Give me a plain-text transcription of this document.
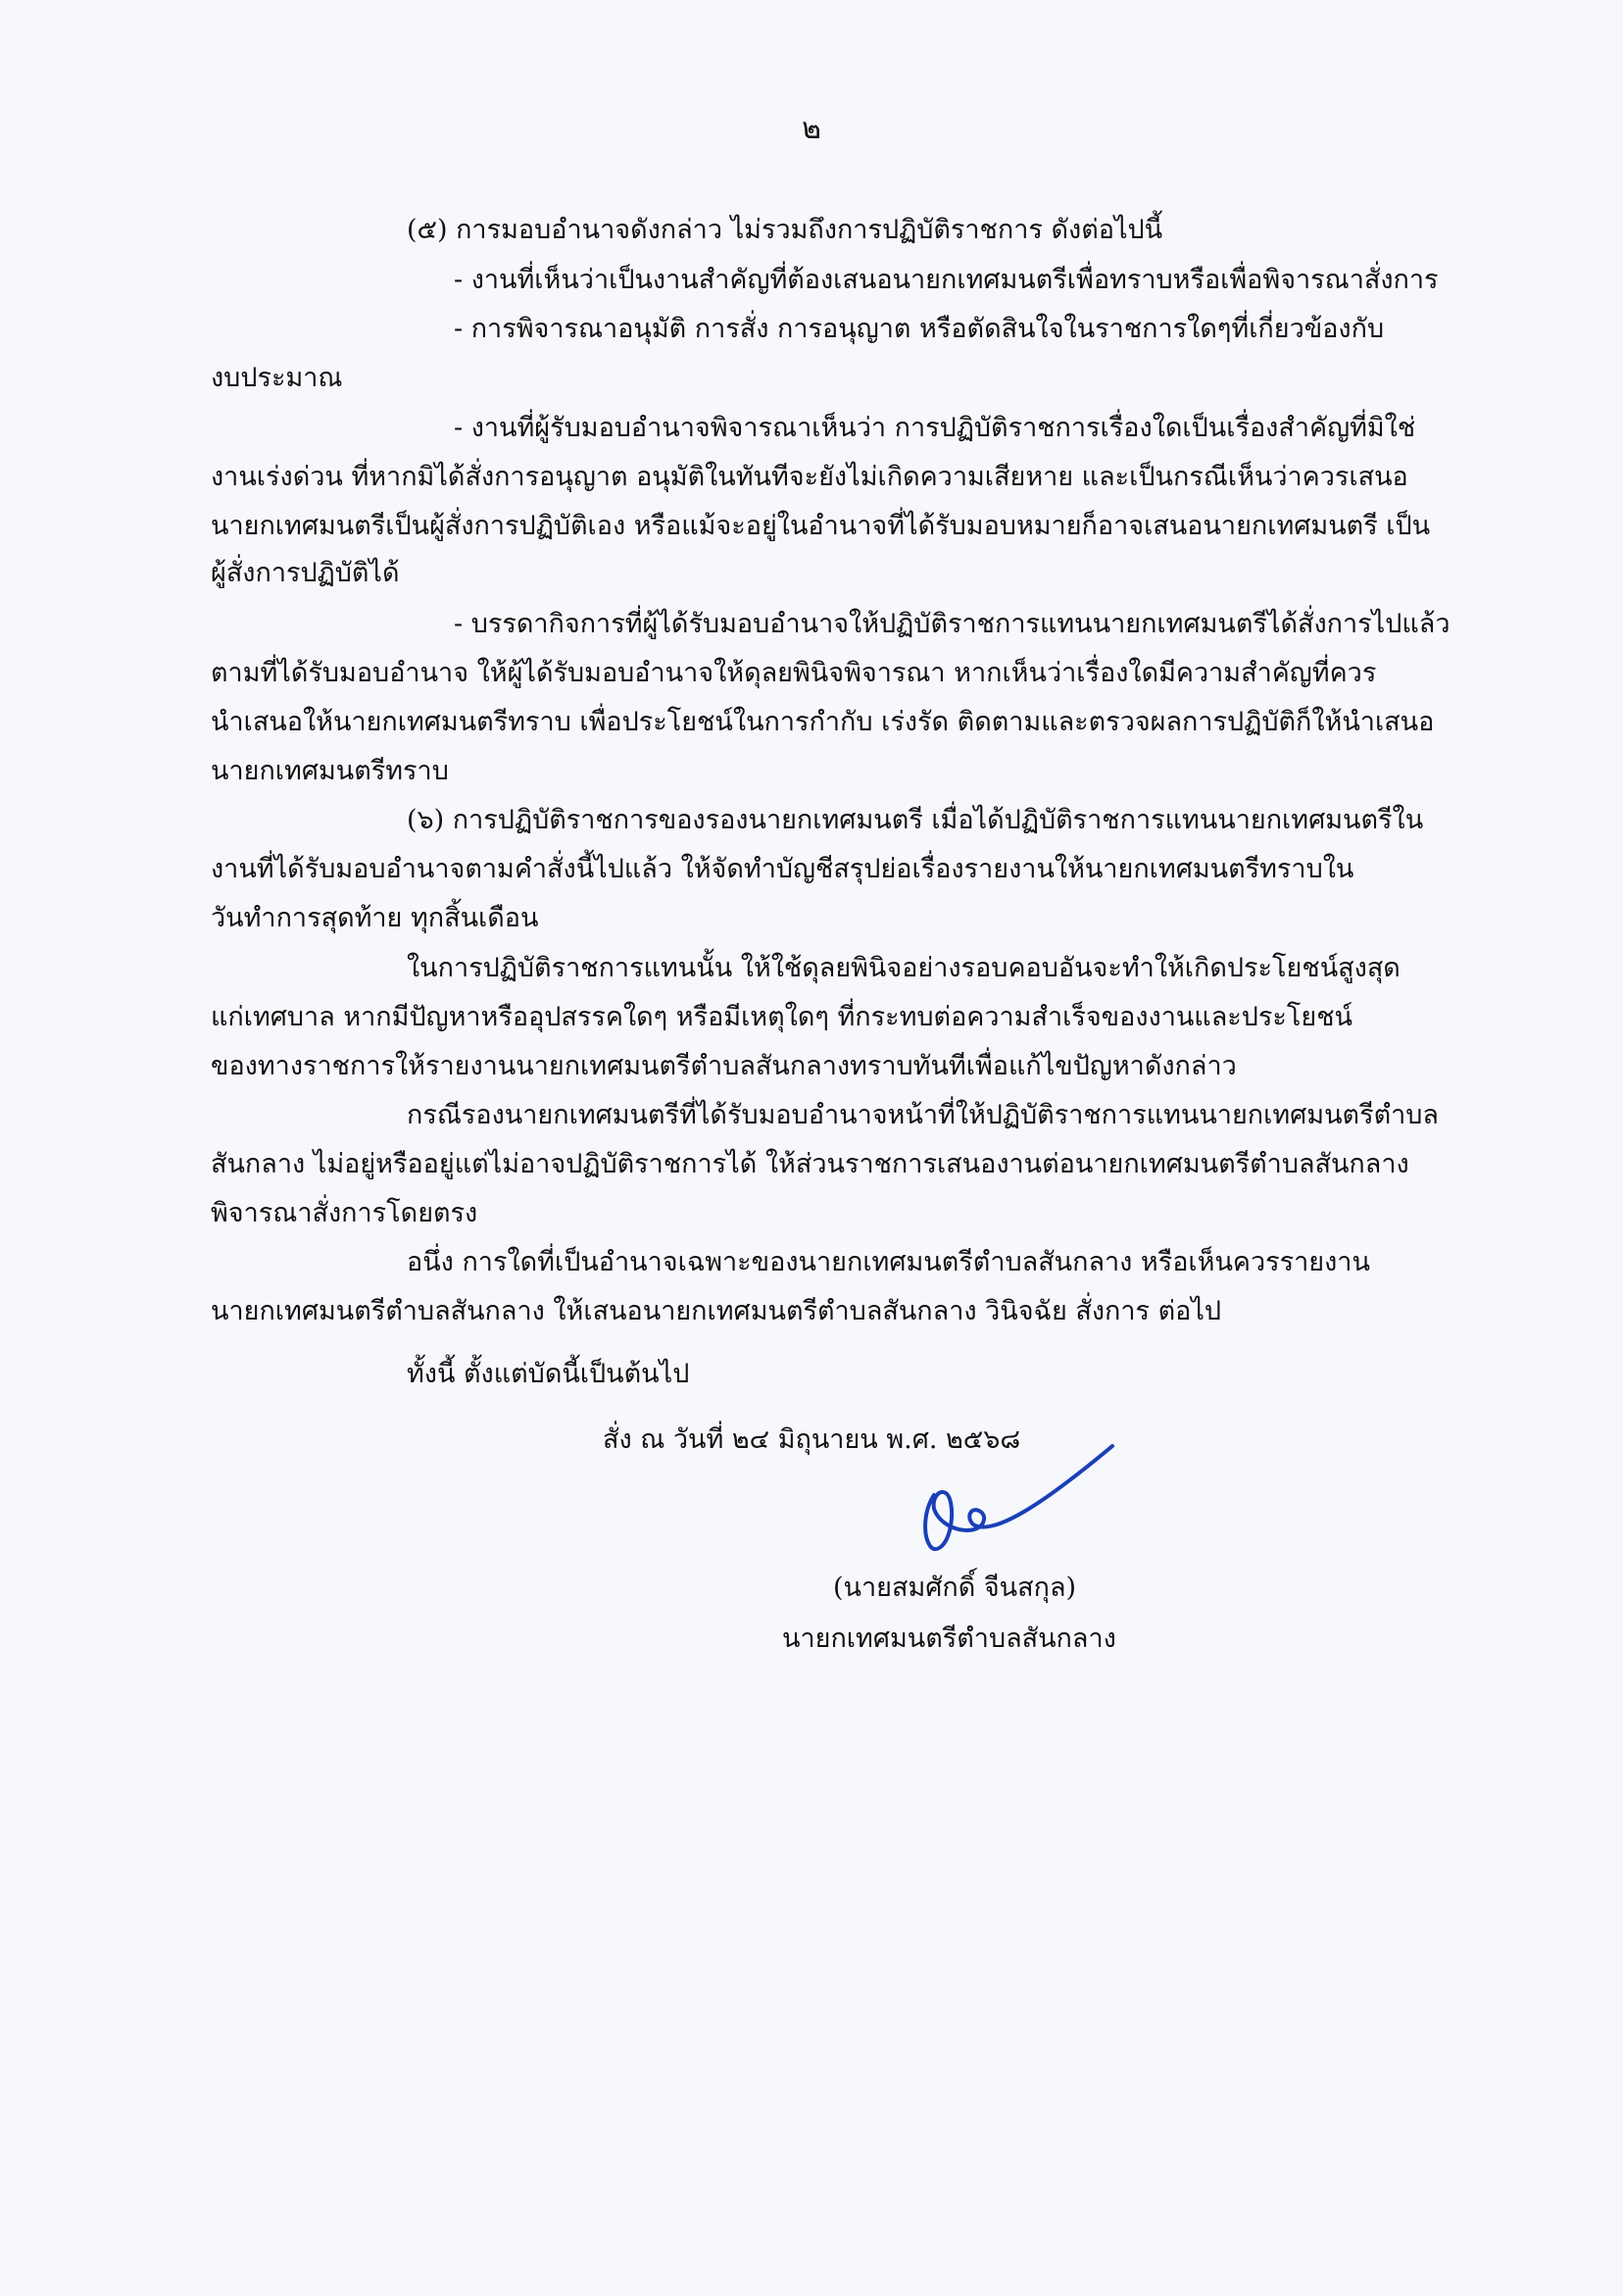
๒
(๕) การมอบอำนาจดังกล่าว ไม่รวมถึงการปฏิบัติราชการ ดังต่อไปนี้
- งานที่เห็นว่าเป็นงานสำคัญที่ต้องเสนอนายกเทศมนตรีเพื่อทราบหรือเพื่อพิจารณาสั่งการ
- การพิจารณาอนุมัติ การสั่ง การอนุญาต หรือตัดสินใจในราชการใดๆที่เกี่ยวข้องกับ
งบประมาณ
- งานที่ผู้รับมอบอำนาจพิจารณาเห็นว่า การปฏิบัติราชการเรื่องใดเป็นเรื่องสำคัญที่มิใช่
งานเร่งด่วน ที่หากมิได้สั่งการอนุญาต อนุมัติในทันทีจะยังไม่เกิดความเสียหาย และเป็นกรณีเห็นว่าควรเสนอ
นายกเทศมนตรีเป็นผู้สั่งการปฏิบัติเอง หรือแม้จะอยู่ในอำนาจที่ได้รับมอบหมายก็อาจเสนอนายกเทศมนตรี เป็น
ผู้สั่งการปฏิบัติได้
- บรรดากิจการที่ผู้ได้รับมอบอำนาจให้ปฏิบัติราชการแทนนายกเทศมนตรีได้สั่งการไปแล้ว
ตามที่ได้รับมอบอำนาจ ให้ผู้ได้รับมอบอำนาจให้ดุลยพินิจพิจารณา หากเห็นว่าเรื่องใดมีความสำคัญที่ควร
นำเสนอให้นายกเทศมนตรีทราบ เพื่อประโยชน์ในการกำกับ เร่งรัด ติดตามและตรวจผลการปฏิบัติก็ให้นำเสนอ
นายกเทศมนตรีทราบ
(๖) การปฏิบัติราชการของรองนายกเทศมนตรี เมื่อได้ปฏิบัติราชการแทนนายกเทศมนตรีใน
งานที่ได้รับมอบอำนาจตามคำสั่งนี้ไปแล้ว ให้จัดทำบัญชีสรุปย่อเรื่องรายงานให้นายกเทศมนตรีทราบใน
วันทำการสุดท้าย ทุกสิ้นเดือน
ในการปฏิบัติราชการแทนนั้น ให้ใช้ดุลยพินิจอย่างรอบคอบอันจะทำให้เกิดประโยชน์สูงสุด
แก่เทศบาล หากมีปัญหาหรืออุปสรรคใดๆ หรือมีเหตุใดๆ ที่กระทบต่อความสำเร็จของงานและประโยชน์
ของทางราชการให้รายงานนายกเทศมนตรีตำบลสันกลางทราบทันทีเพื่อแก้ไขปัญหาดังกล่าว
กรณีรองนายกเทศมนตรีที่ได้รับมอบอำนาจหน้าที่ให้ปฏิบัติราชการแทนนายกเทศมนตรีตำบล
สันกลาง ไม่อยู่หรืออยู่แต่ไม่อาจปฏิบัติราชการได้ ให้ส่วนราชการเสนองานต่อนายกเทศมนตรีตำบลสันกลาง
พิจารณาสั่งการโดยตรง
อนึ่ง การใดที่เป็นอำนาจเฉพาะของนายกเทศมนตรีตำบลสันกลาง หรือเห็นควรรายงาน
นายกเทศมนตรีตำบลสันกลาง ให้เสนอนายกเทศมนตรีตำบลสันกลาง วินิจฉัย สั่งการ ต่อไป
ทั้งนี้ ตั้งแต่บัดนี้เป็นต้นไป
สั่ง ณ วันที่ ๒๔ มิถุนายน พ.ศ. ๒๕๖๘
(นายสมศักดิ์ จีนสกุล)
นายกเทศมนตรีตำบลสันกลาง
